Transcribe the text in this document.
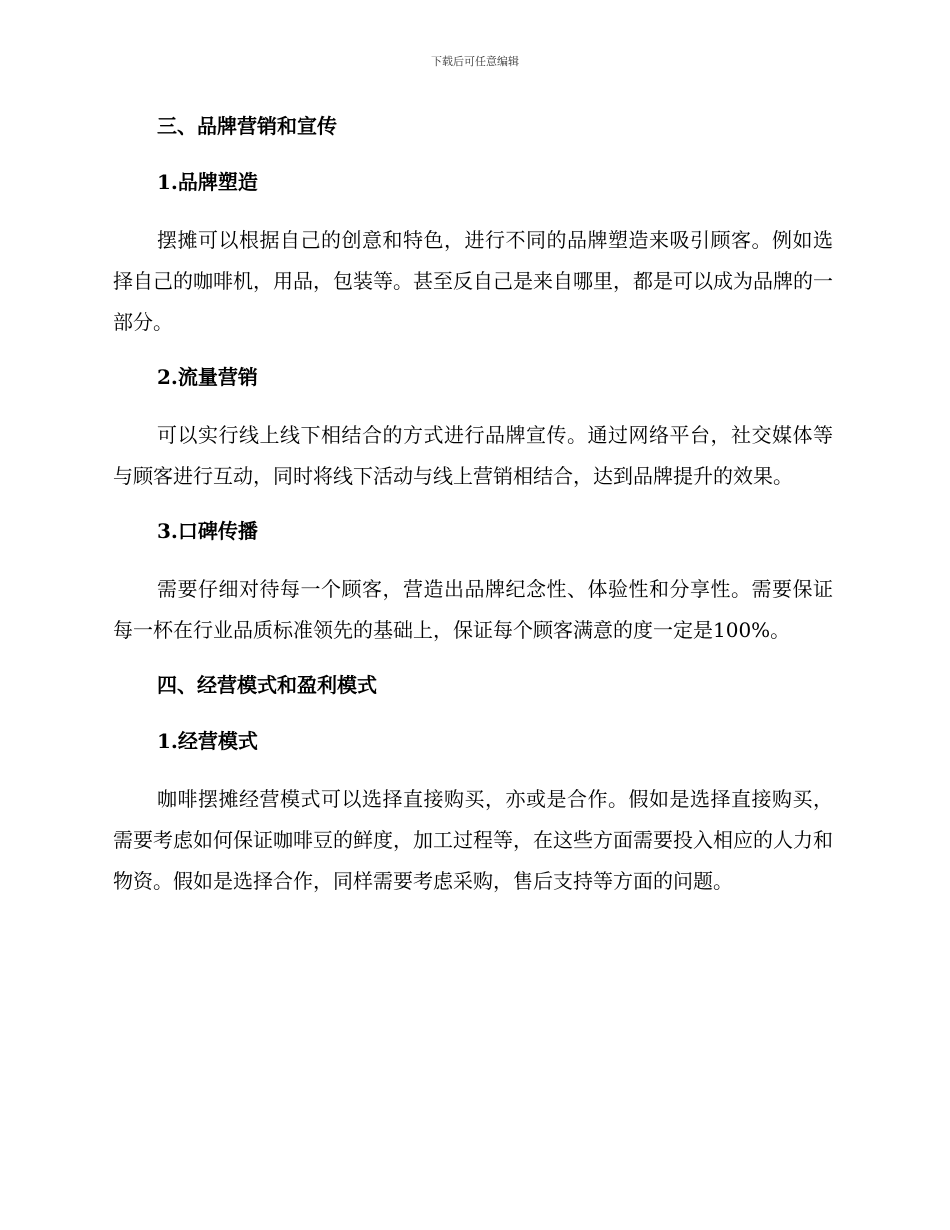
下载后可任意编辑
三、品牌营销和宣传
1.品牌塑造

摆摊可以根据自己的创意和特色，进行不同的品牌塑造来吸引顾客。例如选择自己的咖啡机，用品，包装等。甚至反自己是来自哪里，都是可以成为品牌的一部分。

2.流量营销

可以实行线上线下相结合的方式进行品牌宣传。通过网络平台，社交媒体等与顾客进行互动，同时将线下活动与线上营销相结合，达到品牌提升的效果。

3.口碑传播

需要仔细对待每一个顾客，营造出品牌纪念性、体验性和分享性。需要保证每一杯在行业品质标准领先的基础上，保证每个顾客满意的度一定是100%。

四、经营模式和盈利模式
1.经营模式

咖啡摆摊经营模式可以选择直接购买，亦或是合作。假如是选择直接购买，需要考虑如何保证咖啡豆的鲜度，加工过程等，在这些方面需要投入相应的人力和物资。假如是选择合作，同样需要考虑采购，售后支持等方面的问题。
